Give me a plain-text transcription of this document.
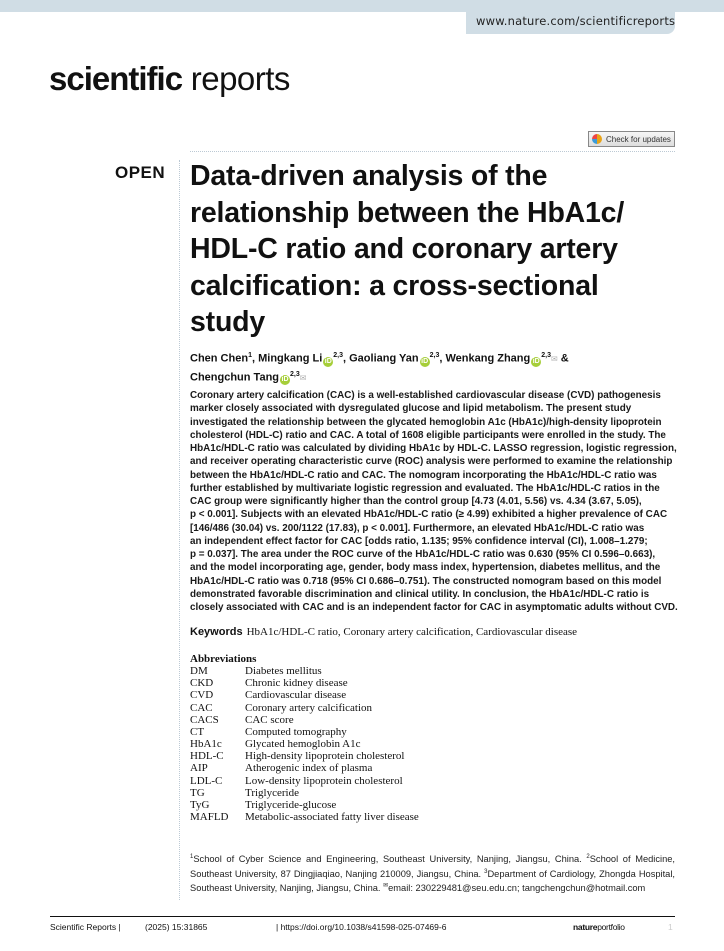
www.nature.com/scientificreports
scientific reports
Check for updates
OPEN Data-driven analysis of the
relationship between the HbA1c/
HDL-C ratio and coronary artery
calcification: a cross-sectional
study
Chen Chen$^1$, Mingkang Li iD$^{2,3}$, Gaoliang Yan iD$^{2,3}$, Wenkang Zhang iD$^{2,3}$✉ &
Chengchun Tang iD$^{2,3}$✉
Coronary artery calcification (CAC) is a well-established cardiovascular disease (CVD) pathogenesis
marker closely associated with dysregulated glucose and lipid metabolism. The present study
investigated the relationship between the glycated hemoglobin A1c (HbA1c)/high-density lipoprotein
cholesterol (HDL-C) ratio and CAC. A total of 1608 eligible participants were enrolled in the study. The
HbA1c/HDL-C ratio was calculated by dividing HbA1c by HDL-C. LASSO regression, logistic regression,
and receiver operating characteristic curve (ROC) analysis were performed to examine the relationship
between the HbA1c/HDL-C ratio and CAC. The nomogram incorporating the HbA1c/HDL-C ratio was
further established by multivariate logistic regression and evaluated. The HbA1c/HDL-C ratios in the
CAC group were significantly higher than the control group [4.73 (4.01, 5.56) vs. 4.34 (3.67, 5.05),
p < 0.001]. Subjects with an elevated HbA1c/HDL-C ratio (≥ 4.99) exhibited a higher prevalence of CAC
[146/486 (30.04) vs. 200/1122 (17.83), p < 0.001]. Furthermore, an elevated HbA1c/HDL-C ratio was
an independent effect factor for CAC [odds ratio, 1.135; 95% confidence interval (CI), 1.008–1.279;
p = 0.037]. The area under the ROC curve of the HbA1c/HDL-C ratio was 0.630 (95% CI 0.596–0.663),
and the model incorporating age, gender, body mass index, hypertension, diabetes mellitus, and the
HbA1c/HDL-C ratio was 0.718 (95% CI 0.686–0.751). The constructed nomogram based on this model
demonstrated favorable discrimination and clinical utility. In conclusion, the HbA1c/HDL-C ratio is
closely associated with CAC and is an independent factor for CAC in asymptomatic adults without CVD.
Keywords HbA1c/HDL-C ratio, Coronary artery calcification, Cardiovascular disease
Abbreviations
DM	Diabetes mellitus
CKD	Chronic kidney disease
CVD	Cardiovascular disease
CAC	Coronary artery calcification
CACS	CAC score
CT	Computed tomography
HbA1c	Glycated hemoglobin A1c
HDL-C	High-density lipoprotein cholesterol
AIP	Atherogenic index of plasma
LDL-C	Low-density lipoprotein cholesterol
TG	Triglyceride
TyG	Triglyceride-glucose
MAFLD	Metabolic-associated fatty liver disease
$^1$School of Cyber Science and Engineering, Southeast University, Nanjing, Jiangsu, China. $^2$School of Medicine, Southeast University, 87 Dingjiaqiao, Nanjing 210009, Jiangsu, China. $^3$Department of Cardiology, Zhongda Hospital, Southeast University, Nanjing, Jiangsu, China. ✉email: 230229481@seu.edu.cn; tangchengchun@hotmail.com
Scientific Reports |	(2025) 15:31865	| https://doi.org/10.1038/s41598-025-07469-6	natureportfolio	1
